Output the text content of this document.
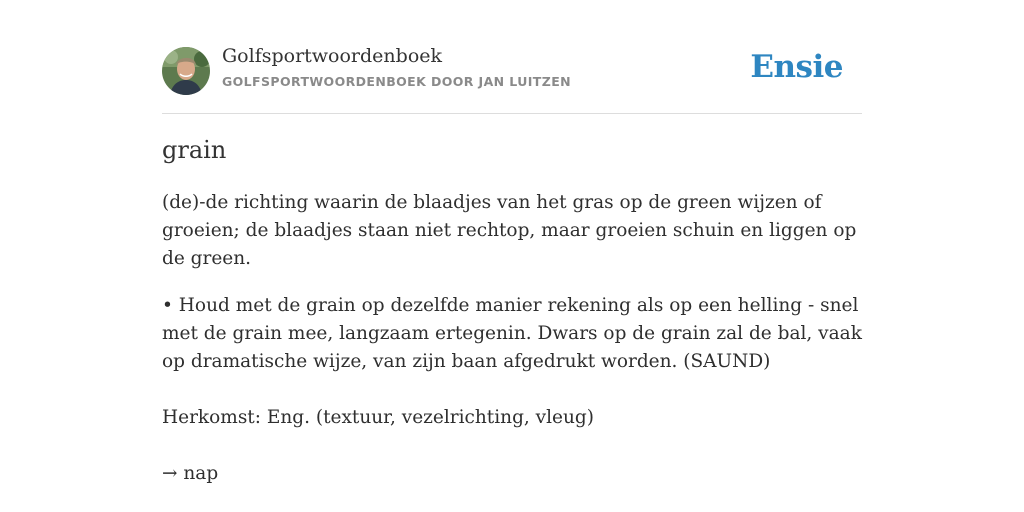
Golfsportwoordenboek
GOLFSPORTWOORDENBOEK DOOR JAN LUITZEN	Ensie
grain

(de)-de richting waarin de blaadjes van het gras op de green wijzen of groeien; de blaadjes staan niet rechtop, maar groeien schuin en liggen op de green.

• Houd met de grain op dezelfde manier rekening als op een helling - snel met de grain mee, langzaam ertegenin. Dwars op de grain zal de bal, vaak op dramatische wijze, van zijn baan afgedrukt worden. (SAUND)

Herkomst: Eng. (textuur, vezelrichting, vleug)

→ nap
